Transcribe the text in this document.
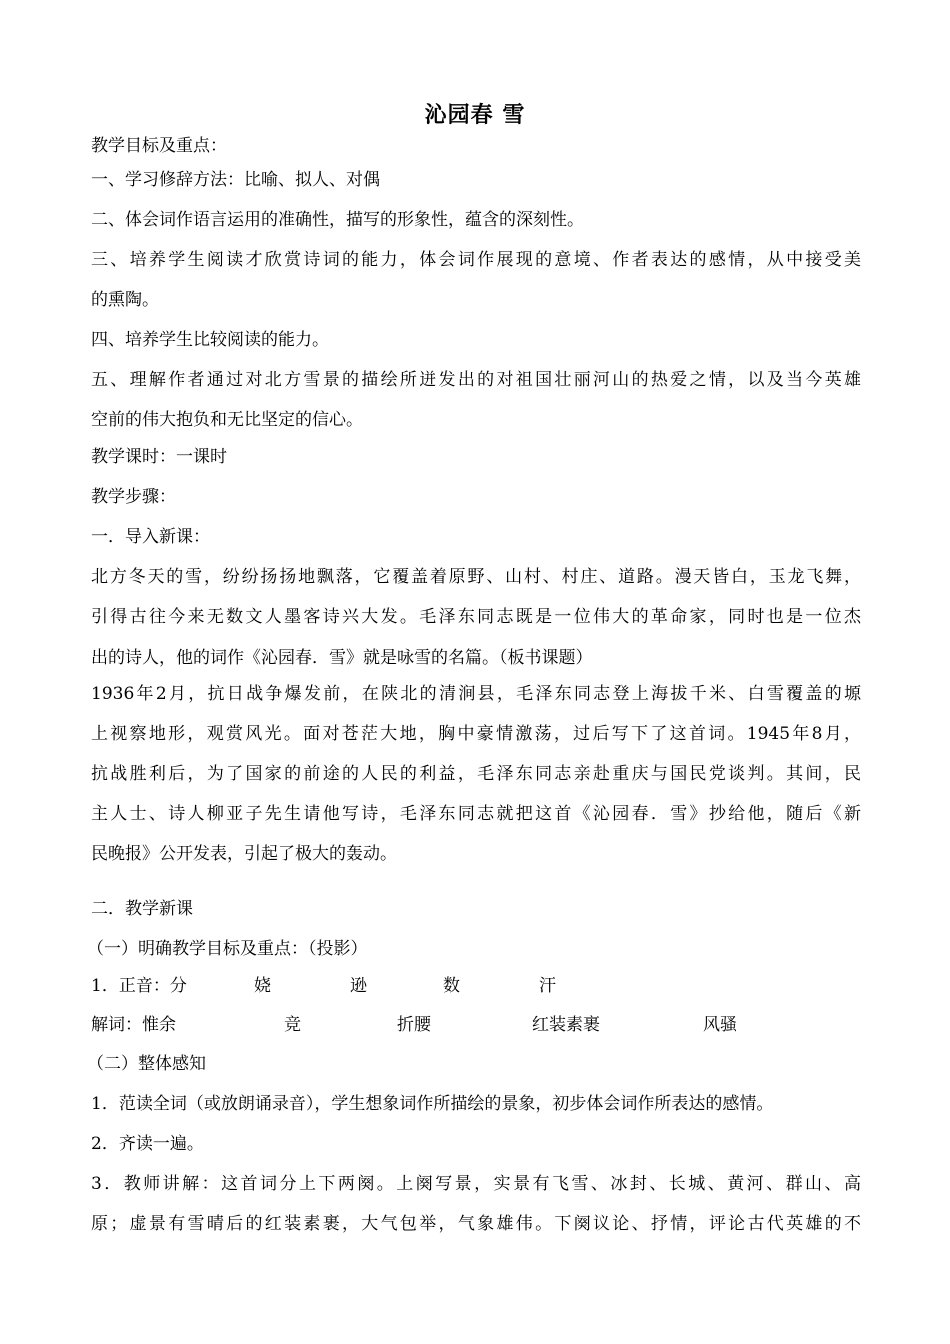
沁园春 雪
教学目标及重点：
一、学习修辞方法：比喻、拟人、对偶
二、体会词作语言运用的准确性，描写的形象性，蕴含的深刻性。
三、培养学生阅读才欣赏诗词的能力，体会词作展现的意境、作者表达的感情，从中接受美
的熏陶。
四、培养学生比较阅读的能力。
五、理解作者通过对北方雪景的描绘所迸发出的对祖国壮丽河山的热爱之情，以及当今英雄
空前的伟大抱负和无比坚定的信心。
教学课时：一课时
教学步骤：
一．导入新课：
北方冬天的雪，纷纷扬扬地飘落，它覆盖着原野、山村、村庄、道路。漫天皆白，玉龙飞舞，
引得古往今来无数文人墨客诗兴大发。毛泽东同志既是一位伟大的革命家，同时也是一位杰
出的诗人，他的词作《沁园春．雪》就是咏雪的名篇。（板书课题）
1936年2月，抗日战争爆发前，在陕北的清涧县，毛泽东同志登上海拔千米、白雪覆盖的塬
上视察地形，观赏风光。面对苍茫大地，胸中豪情激荡，过后写下了这首词。1945年8月，
抗战胜利后，为了国家的前途的人民的利益，毛泽东同志亲赴重庆与国民党谈判。其间，民
主人士、诗人柳亚子先生请他写诗，毛泽东同志就把这首《沁园春．雪》抄给他，随后《新
民晚报》公开发表，引起了极大的轰动。
二．教学新课
（一）明确教学目标及重点：（投影）
1．正音：分	娆	逊	数	汗
解词：惟余	竞	折腰	红装素裹	风骚
（二）整体感知
1．范读全词（或放朗诵录音），学生想象词作所描绘的景象，初步体会词作所表达的感情。
2．齐读一遍。
3．教师讲解：这首词分上下两阕。上阕写景，实景有飞雪、冰封、长城、黄河、群山、高
原；虚景有雪晴后的红装素裹，大气包举，气象雄伟。下阕议论、抒情，评论古代英雄的不
